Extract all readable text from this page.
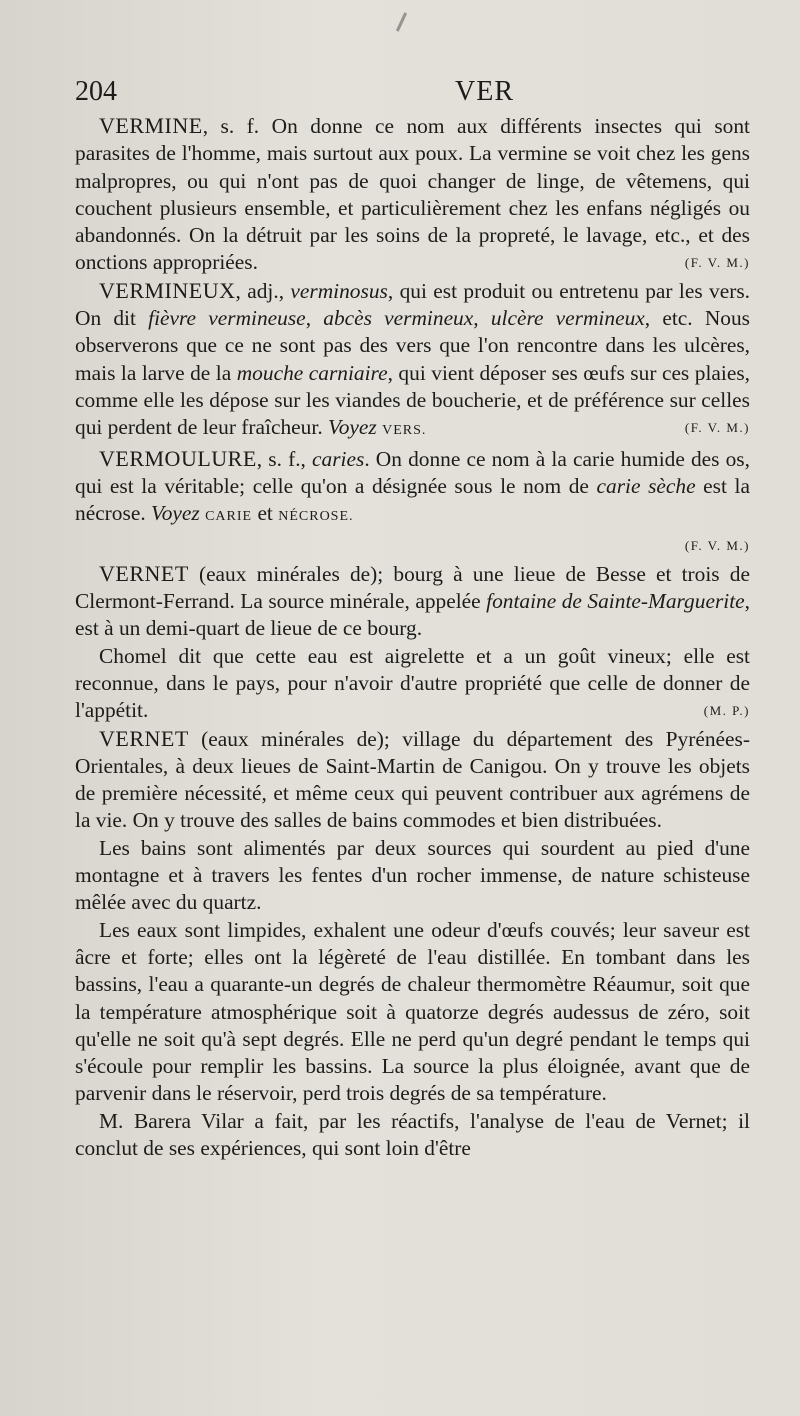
204	VER

VERMINE, s. f. On donne ce nom aux différents insectes qui sont parasites de l'homme, mais surtout aux poux. La vermine se voit chez les gens malpropres, ou qui n'ont pas de quoi changer de linge, de vêtemens, qui couchent plusieurs ensemble, et particulièrement chez les enfans négligés ou abandonnés. On la détruit par les soins de la propreté, le lavage, etc., et des onctions appropriées.	(F. V. M.)

VERMINEUX, adj., verminosus, qui est produit ou entretenu par les vers. On dit fièvre vermineuse, abcès vermineux, ulcère vermineux, etc. Nous observerons que ce ne sont pas des vers que l'on rencontre dans les ulcères, mais la larve de la mouche carniaire, qui vient déposer ses œufs sur ces plaies, comme elle les dépose sur les viandes de boucherie, et de préférence sur celles qui perdent de leur fraîcheur. Voyez VERS.	(F. V. M.)

VERMOULURE, s. f., caries. On donne ce nom à la carie humide des os, qui est la véritable; celle qu'on a désignée sous le nom de carie sèche est la nécrose. Voyez CARIE et NÉCROSE.

(F. V. M.)

VERNET (eaux minérales de); bourg à une lieue de Besse et trois de Clermont-Ferrand. La source minérale, appelée fontaine de Sainte-Marguerite, est à un demi-quart de lieue de ce bourg.

Chomel dit que cette eau est aigrelette et a un goût vineux; elle est reconnue, dans le pays, pour n'avoir d'autre propriété que celle de donner de l'appétit.	(M. P.)

VERNET (eaux minérales de); village du département des Pyrénées-Orientales, à deux lieues de Saint-Martin de Canigou. On y trouve les objets de première nécessité, et même ceux qui peuvent contribuer aux agrémens de la vie. On y trouve des salles de bains commodes et bien distribuées.

Les bains sont alimentés par deux sources qui sourdent au pied d'une montagne et à travers les fentes d'un rocher immense, de nature schisteuse mêlée avec du quartz.

Les eaux sont limpides, exhalent une odeur d'œufs couvés; leur saveur est âcre et forte; elles ont la légèreté de l'eau distillée. En tombant dans les bassins, l'eau a quarante-un degrés de chaleur thermomètre Réaumur, soit que la température atmosphérique soit à quatorze degrés audessus de zéro, soit qu'elle ne soit qu'à sept degrés. Elle ne perd qu'un degré pendant le temps qui s'écoule pour remplir les bassins. La source la plus éloignée, avant que de parvenir dans le réservoir, perd trois degrés de sa température.

M. Barera Vilar a fait, par les réactifs, l'analyse de l'eau de Vernet; il conclut de ses expériences, qui sont loin d'être
